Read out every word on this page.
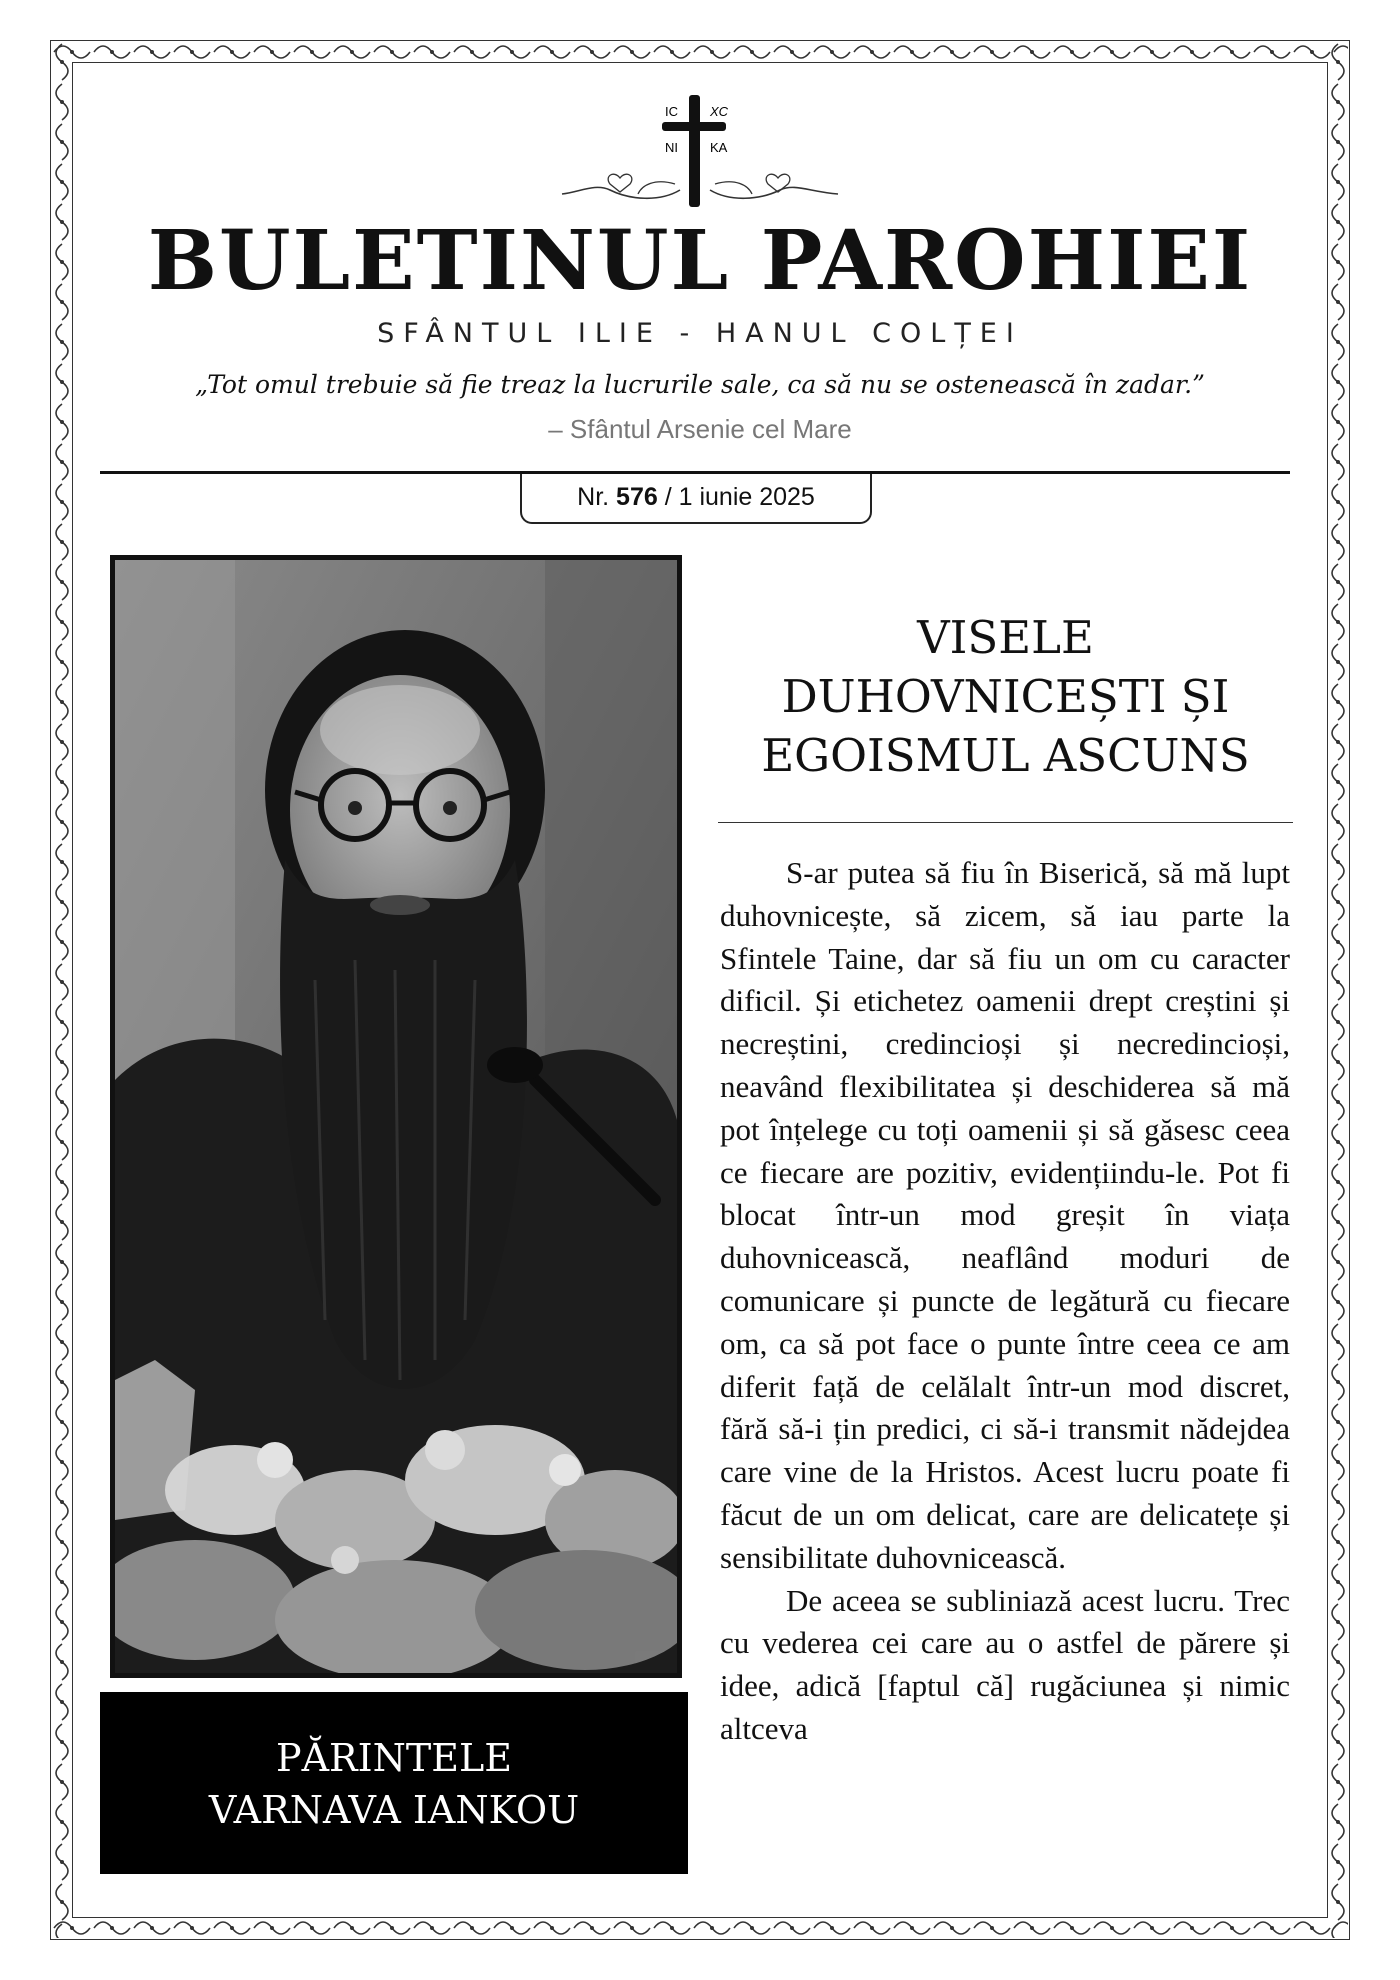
IC XC
NI KA
BULETINUL PAROHIEI
SFÂNTUL ILIE - HANUL COLȚEI
„Tot omul trebuie să fie treaz la lucrurile sale, ca să nu se ostenească în zadar.”
– Sfântul Arsenie cel Mare
Nr. 576 / 1 iunie 2025
PĂRINTELE
VARNAVA IANKOU
VISELE
DUHOVNICEȘTI ȘI
EGOISMUL ASCUNS

S-ar putea să fiu în Biserică, să mă lupt duhovnicește, să zicem, să iau parte la Sfintele Taine, dar să fiu un om cu caracter dificil. Și etichetez oamenii drept creștini și necreștini, credincioși și necredincioși, neavând flexibilitatea și deschiderea să mă pot înțelege cu toți oamenii și să găsesc ceea ce fiecare are pozitiv, evidențiindu-le. Pot fi blocat într-un mod greșit în viața duhovnicească, neaflând moduri de comunicare și puncte de legătură cu fiecare om, ca să pot face o punte între ceea ce am diferit față de celălalt într-un mod discret, fără să-i țin predici, ci să-i transmit nădejdea care vine de la Hristos. Acest lucru poate fi făcut de un om delicat, care are delicatețe și sensibilitate duhovnicească.

De aceea se subliniază acest lucru. Trec cu vederea cei care au o astfel de părere și idee, adică [faptul că] rugăciunea și nimic altceva
